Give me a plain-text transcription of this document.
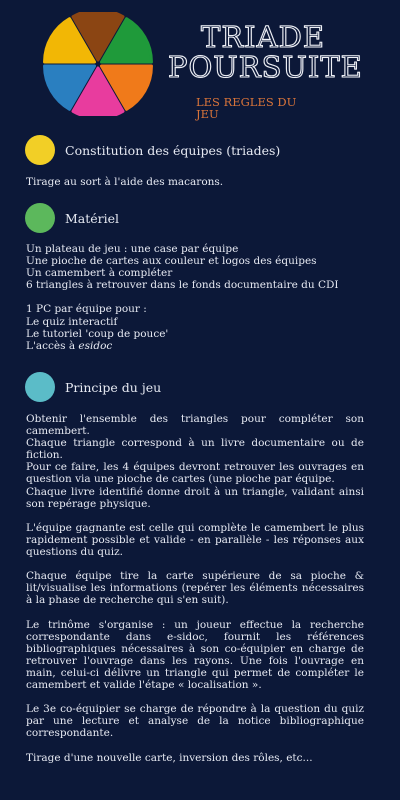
TRIADE
POURSUITE
LES REGLES DU JEU
Constitution des équipes (triades)

Tirage au sort à l'aide des macarons.

Matériel

Un plateau de jeu : une case par équipe

Une pioche de cartes aux couleur et logos des équipes

Un camembert à compléter

6 triangles à retrouver dans le fonds documentaire du CDI

1 PC par équipe pour :

Le quiz interactif

Le tutoriel 'coup de pouce'

L'accès à esidoc

Principe du jeu

Obtenir l'ensemble des triangles pour compléter son camembert.

Chaque triangle correspond à un livre documentaire ou de fiction.

Pour ce faire, les 4 équipes devront retrouver les ouvrages en question via une pioche de cartes (une pioche par équipe.

Chaque livre identifié donne droit à un triangle, validant ainsi son repérage physique.

L'équipe gagnante est celle qui complète le camembert le plus rapidement possible et valide - en parallèle - les réponses aux questions du quiz.

Chaque équipe tire la carte supérieure de sa pioche & lit/visualise les informations (repérer les éléments nécessaires à la phase de recherche qui s'en suit).

Le trinôme s'organise : un joueur effectue la recherche correspondante dans e-sidoc, fournit les références bibliographiques nécessaires à son co-équipier en charge de retrouver l'ouvrage dans les rayons. Une fois l'ouvrage en main, celui-ci délivre un triangle qui permet de compléter le camembert et valide l'étape « localisation ».

Le 3e co-équipier se charge de répondre à la question du quiz par une lecture et analyse de la notice bibliographique correspondante.

Tirage d'une nouvelle carte, inversion des rôles, etc...
